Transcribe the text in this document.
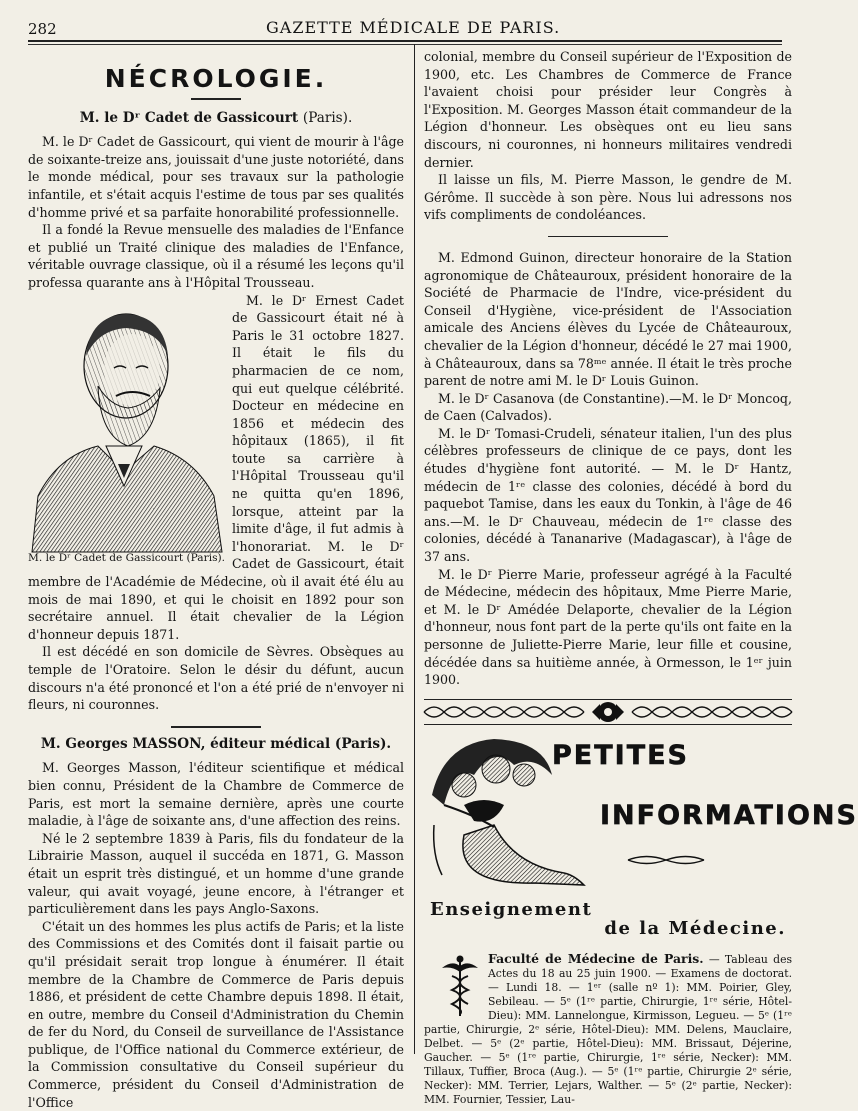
282	GAZETTE MÉDICALE DE PARIS.
NÉCROLOGIE.
M. le Dʳ Cadet de Gassicourt (Paris).

M. le Dʳ Cadet de Gassicourt, qui vient de mourir à l'âge de soixante-treize ans, jouissait d'une juste notoriété, dans le monde médical, pour ses travaux sur la pathologie infantile, et s'était acquis l'estime de tous par ses qualités d'homme privé et sa parfaite honorabilité professionnelle.

Il a fondé la Revue mensuelle des maladies de l'Enfance et publié un Traité clinique des maladies de l'Enfance, véritable ouvrage classique, où il a résumé les leçons qu'il professa quarante ans à l'Hôpital Trousseau.

M. le Dʳ Cadet de Gassicourt (Paris).

M. le Dʳ Ernest Cadet de Gassicourt était né à Paris le 31 octobre 1827. Il était le fils du pharmacien de ce nom, qui eut quelque célébrité. Docteur en médecine en 1856 et médecin des hôpitaux (1865), il fit toute sa carrière à l'Hôpital Trousseau qu'il ne quitta qu'en 1896, lorsque, atteint par la limite d'âge, il fut admis à l'honorariat. M. le Dʳ Cadet de Gassicourt, était membre de l'Académie de Médecine, où il avait été élu au mois de mai 1890, et qui le choisit en 1892 pour son secrétaire annuel. Il était chevalier de la Légion d'honneur depuis 1871.

Il est décédé en son domicile de Sèvres. Obsèques au temple de l'Oratoire. Selon le désir du défunt, aucun discours n'a été prononcé et l'on a été prié de n'envoyer ni fleurs, ni couronnes.

M. Georges MASSON, éditeur médical (Paris).

M. Georges Masson, l'éditeur scientifique et médical bien connu, Président de la Chambre de Commerce de Paris, est mort la semaine dernière, après une courte maladie, à l'âge de soixante ans, d'une affection des reins.

Né le 2 septembre 1839 à Paris, fils du fondateur de la Librairie Masson, auquel il succéda en 1871, G. Masson était un esprit très distingué, et un homme d'une grande valeur, qui avait voyagé, jeune encore, à l'étranger et particulièrement dans les pays Anglo-Saxons.

C'était un des hommes les plus actifs de Paris; et la liste des Commissions et des Comités dont il faisait partie ou qu'il présidait serait trop longue à énumérer. Il était membre de la Chambre de Commerce de Paris depuis 1886, et président de cette Chambre depuis 1898. Il était, en outre, membre du Conseil d'Administration du Chemin de fer du Nord, du Conseil de surveillance de l'Assistance publique, de l'Office national du Commerce extérieur, de la Commission consultative du Conseil supérieur du Commerce, président du Conseil d'Administration de l'Office

colonial, membre du Conseil supérieur de l'Exposition de 1900, etc. Les Chambres de Commerce de France l'avaient choisi pour présider leur Congrès à l'Exposition. M. Georges Masson était commandeur de la Légion d'honneur. Les obsèques ont eu lieu sans discours, ni couronnes, ni honneurs militaires vendredi dernier.

Il laisse un fils, M. Pierre Masson, le gendre de M. Gérôme. Il succède à son père. Nous lui adressons nos vifs compliments de condoléances.

M. Edmond Guinon, directeur honoraire de la Station agronomique de Châteauroux, président honoraire de la Société de Pharmacie de l'Indre, vice-président du Conseil d'Hygiène, vice-président de l'Association amicale des Anciens élèves du Lycée de Châteauroux, chevalier de la Légion d'honneur, décédé le 27 mai 1900, à Châteauroux, dans sa 78ᵐᵉ année. Il était le très proche parent de notre ami M. le Dʳ Louis Guinon.

M. le Dʳ Casanova (de Constantine).—M. le Dʳ Moncoq, de Caen (Calvados).

M. le Dʳ Tomasi-Crudeli, sénateur italien, l'un des plus célèbres professeurs de clinique de ce pays, dont les études d'hygiène font autorité. — M. le Dʳ Hantz, médecin de 1ʳᵉ classe des colonies, décédé à bord du paquebot Tamise, dans les eaux du Tonkin, à l'âge de 46 ans.—M. le Dʳ Chauveau, médecin de 1ʳᵉ classe des colonies, décédé à Tananarive (Madagascar), à l'âge de 37 ans.

M. le Dʳ Pierre Marie, professeur agrégé à la Faculté de Médecine, médecin des hôpitaux, Mme Pierre Marie, et M. le Dʳ Amédée Delaporte, chevalier de la Légion d'honneur, nous font part de la perte qu'ils ont faite en la personne de Juliette-Pierre Marie, leur fille et cousine, décédée dans sa huitième année, à Ormesson, le 1ᵉʳ juin 1900.

PETITES
INFORMATIONS
Enseignement
de la Médecine.
Faculté de Médecine de Paris. — Tableau des Actes du 18 au 25 juin 1900. — Examens de doctorat. — Lundi 18. — 1ᵉʳ (salle nº 1): MM. Poirier, Gley, Sebileau. — 5ᵉ (1ʳᵉ partie, Chirurgie, 1ʳᵉ série, Hôtel-Dieu): MM. Lannelongue, Kirmisson, Legueu. — 5ᵉ (1ʳᵉ partie, Chirurgie, 2ᵉ série, Hôtel-Dieu): MM. Delens, Mauclaire, Delbet. — 5ᵉ (2ᵉ partie, Hôtel-Dieu): MM. Brissaut, Déjerine, Gaucher. — 5ᵉ (1ʳᵉ partie, Chirurgie, 1ʳᵉ série, Necker): MM. Tillaux, Tuffier, Broca (Aug.). — 5ᵉ (1ʳᵉ partie, Chirurgie 2ᵉ série, Necker): MM. Terrier, Lejars, Walther. — 5ᵉ (2ᵉ partie, Necker): MM. Fournier, Tessier, Lau-
